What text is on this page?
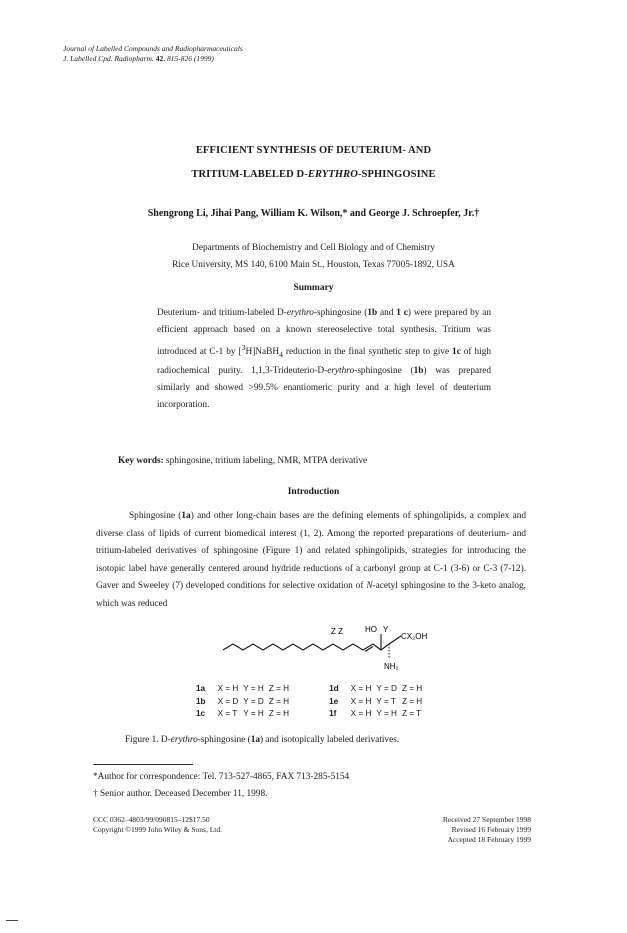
Journal of Labelled Compounds and Radiopharmaceuticals
J. Labelled Cpd. Radiopharm. 42, 815-826 (1999)
EFFICIENT SYNTHESIS OF DEUTERIUM- AND
TRITIUM-LABELED D-ERYTHRO-SPHINGOSINE
Shengrong Li, Jihai Pang, William K. Wilson,* and George J. Schroepfer, Jr.†
Departments of Biochemistry and Cell Biology and of Chemistry
Rice University, MS 140, 6100 Main St., Houston, Texas 77005-1892, USA
Summary
Deuterium- and tritium-labeled D-erythro-sphingosine (1b and 1 c) were prepared by an efficient approach based on a known stereoselective total synthesis. Tritium was introduced at C-1 by [$^3$H]NaBH$_4$ reduction in the final synthetic step to give 1c of high radiochemical purity. 1,1,3-Trideuterio-D-erythro-sphingosine (1b) was prepared similarly and showed >99.5% enantiomeric purity and a high level of deuterium incorporation.
Key words: sphingosine, tritium labeling, NMR, MTPA derivative
Introduction

Sphingosine (1a) and other long-chain bases are the defining elements of sphingolipids, a complex and diverse class of lipids of current biomedical interest (1, 2). Among the reported preparations of deuterium- and tritium-labeled derivatives of sphingosine (Figure 1) and related sphingolipids, strategies for introducing the isotopic label have generally centered around hydride reductions of a carbonyl group at C-1 (3-6) or C-3 (7-12). Gaver and Sweeley (7) developed conditions for selective oxidation of N-acetyl sphingosine to the 3-keto analog, which was reduced

Z Z	HO Y
CX₂OH
NH₂
1a	X = H	Y = H	Z = H		1d	X = H	Y = D	Z = H
1b	X = D	Y = D	Z = H		1e	X = H	Y = T	Z = H
1c	X = T	Y = H	Z = H		1f	X = H	Y = H	Z = T
Figure 1. D-erythro-sphingosine (1a) and isotopically labeled derivatives.
*Author for correspondence: Tel. 713-527-4865, FAX 713-285-5154
† Senior author. Deceased December 11, 1998.
CCC 0362–4803/99/090815–12$17.50
Copyright ©1999 John Wiley & Sons, Ltd.
Received 27 September 1998
Revised 16 February 1999
Accepted 18 February 1999
